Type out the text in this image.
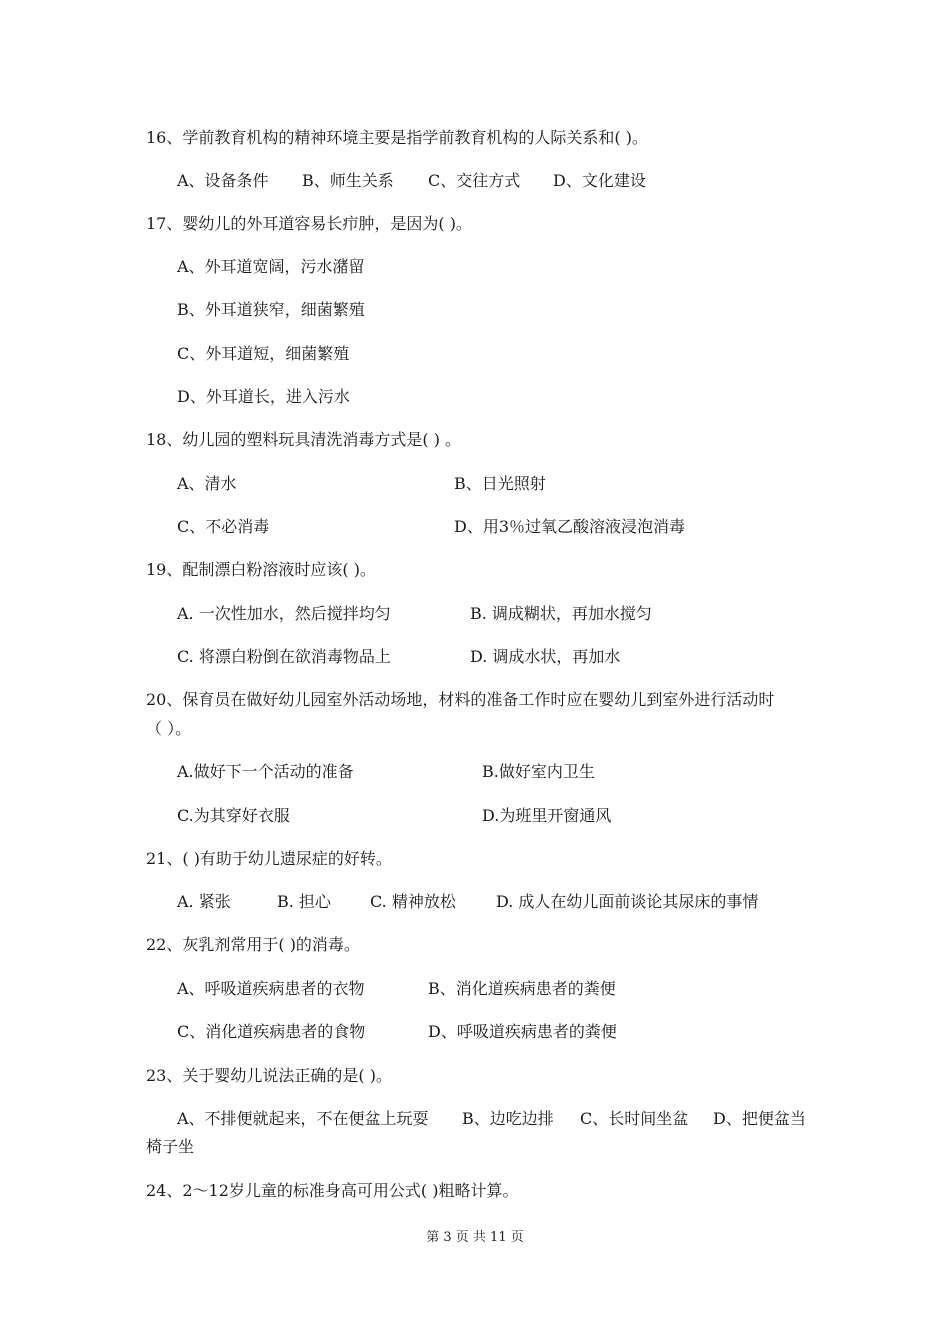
16、学前教育机构的精神环境主要是指学前教育机构的人际关系和( )。
A、设备条件 B、师生关系 C、交往方式 D、文化建设
17、婴幼儿的外耳道容易长疖肿，是因为( )。
A、外耳道宽阔，污水潴留
B、外耳道狭窄，细菌繁殖
C、外耳道短，细菌繁殖
D、外耳道长，进入污水
18、幼儿园的塑料玩具清洗消毒方式是( ) 。
A、清水	B、日光照射
C、不必消毒	D、用3％过氧乙酸溶液浸泡消毒
19、配制漂白粉溶液时应该( )。
A. 一次性加水，然后搅拌均匀	B. 调成糊状，再加水搅匀
C. 将漂白粉倒在欲消毒物品上	D. 调成水状，再加水
20、保育员在做好幼儿园室外活动场地，材料的准备工作时应在婴幼儿到室外进行活动时
（ ）。
A.做好下一个活动的准备	B.做好室内卫生
C.为其穿好衣服	D.为班里开窗通风
21、( )有助于幼儿遗尿症的好转。
A. 紧张	B. 担心 C. 精神放松	D. 成人在幼儿面前谈论其尿床的事情
22、灰乳剂常用于( )的消毒。
A、呼吸道疾病患者的衣物	B、消化道疾病患者的粪便
C、消化道疾病患者的食物	D、呼吸道疾病患者的粪便
23、关于婴幼儿说法正确的是( )。
A、不排便就起来，不在便盆上玩耍 B、边吃边排 C、长时间坐盆 D、把便盆当
椅子坐
24、2～12岁儿童的标准身高可用公式( )粗略计算。
第 3 页 共 11 页
